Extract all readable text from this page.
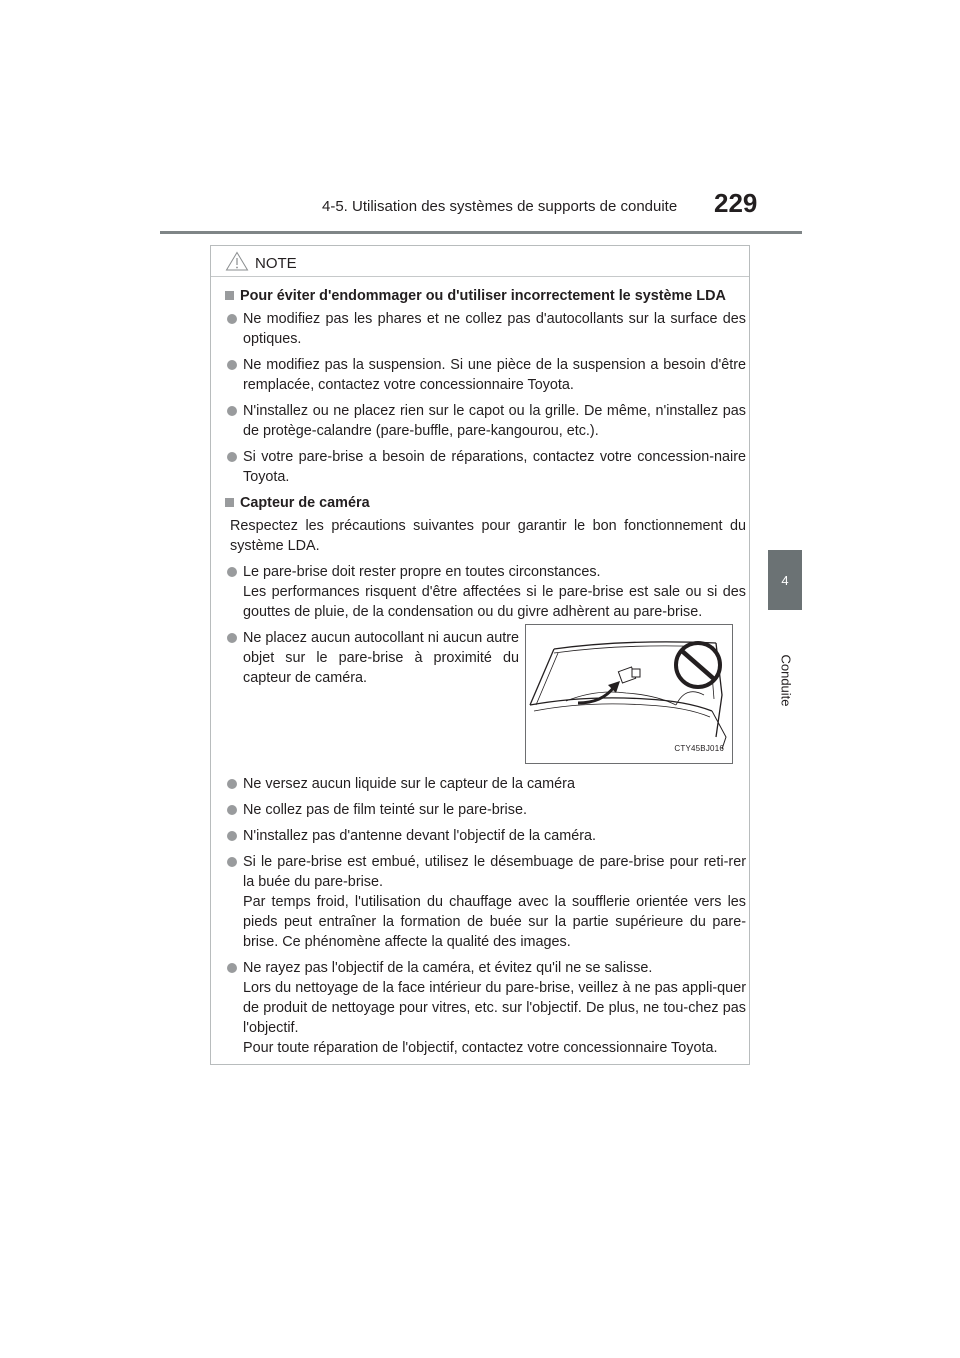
4-5. Utilisation des systèmes de supports de conduite 229
4
Conduite
NOTE
Pour éviter d'endommager ou d'utiliser incorrectement le système LDA

Ne modifiez pas les phares et ne collez pas d'autocollants sur la surface des optiques.

Ne modifiez pas la suspension. Si une pièce de la suspension a besoin d'être remplacée, contactez votre concessionnaire Toyota.

N'installez ou ne placez rien sur le capot ou la grille. De même, n'installez pas de protège-calandre (pare-buffle, pare-kangourou, etc.).

Si votre pare-brise a besoin de réparations, contactez votre concession-naire Toyota.

Capteur de caméra

Respectez les précautions suivantes pour garantir le bon fonctionnement du système LDA.

Le pare-brise doit rester propre en toutes circonstances.

Les performances risquent d'être affectées si le pare-brise est sale ou si des gouttes de pluie, de la condensation ou du givre adhèrent au pare-brise.

Ne placez aucun autocollant ni aucun autre objet sur le pare-brise à proximité du capteur de caméra.

CTY45BJ016

Ne versez aucun liquide sur le capteur de la caméra

Ne collez pas de film teinté sur le pare-brise.

N'installez pas d'antenne devant l'objectif de la caméra.

Si le pare-brise est embué, utilisez le désembuage de pare-brise pour reti-rer la buée du pare-brise.

Par temps froid, l'utilisation du chauffage avec la soufflerie orientée vers les pieds peut entraîner la formation de buée sur la partie supérieure du pare-brise. Ce phénomène affecte la qualité des images.

Ne rayez pas l'objectif de la caméra, et évitez qu'il ne se salisse.

Lors du nettoyage de la face intérieur du pare-brise, veillez à ne pas appli-quer de produit de nettoyage pour vitres, etc. sur l'objectif. De plus, ne tou-chez pas l'objectif.

Pour toute réparation de l'objectif, contactez votre concessionnaire Toyota.
